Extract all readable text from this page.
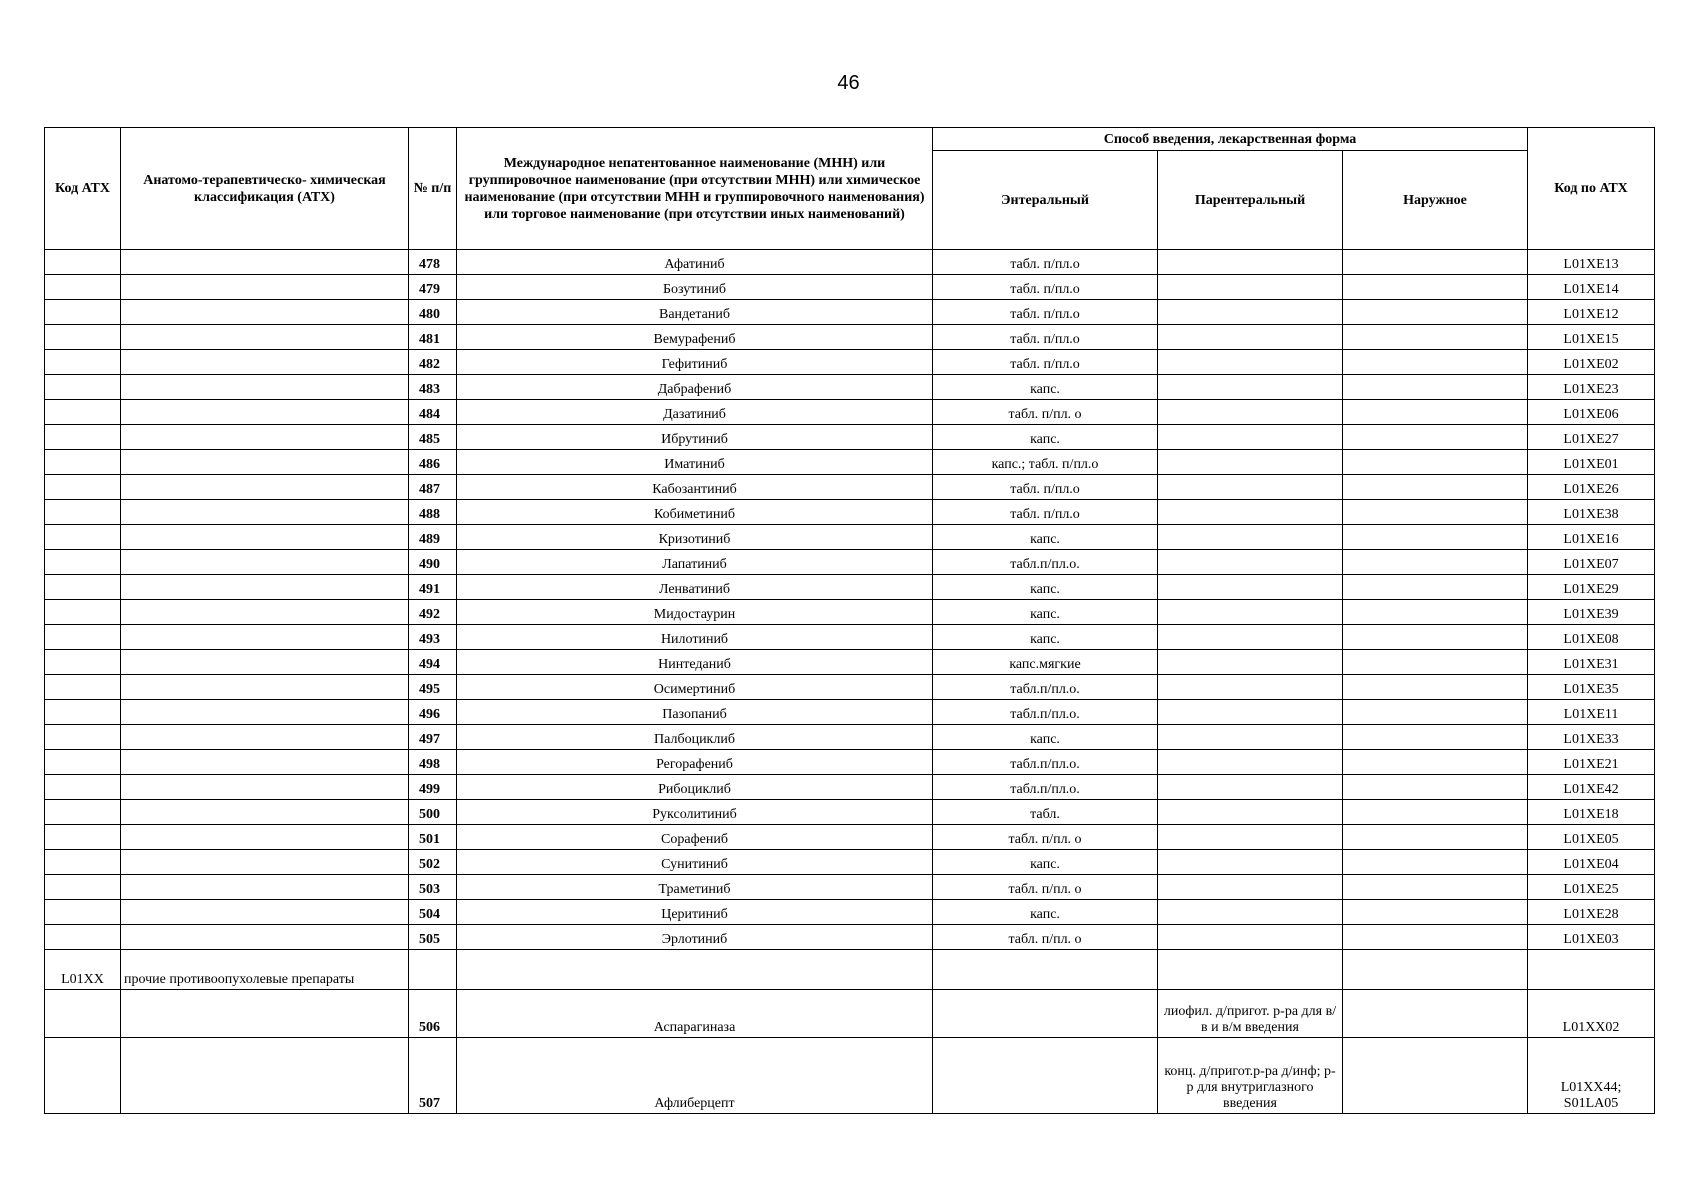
46
Код АТХ	Анатомо-терапевтическо- химическая классификация (АТХ)	№ п/п	Международное непатентованное наименование (МНН) или группировочное наименование (при отсутствии МНН) или химическое наименование (при отсутствии МНН и группировочного наименования) или торговое наименование (при отсутствии иных наименований)	Способ введения, лекарственная форма			Код по АТХ
				Энтеральный	Парентеральный	Наружное	
		478	Афатиниб	табл. п/пл.о			L01XE13
		479	Бозутиниб	табл. п/пл.о			L01XE14
		480	Вандетаниб	табл. п/пл.о			L01XE12
		481	Вемурафениб	табл. п/пл.о			L01XE15
		482	Гефитиниб	табл. п/пл.о			L01XE02
		483	Дабрафениб	капс.			L01XE23
		484	Дазатиниб	табл. п/пл. о			L01XE06
		485	Ибрутиниб	капс.			L01XE27
		486	Иматиниб	капс.; табл. п/пл.о			L01XE01
		487	Кабозантиниб	табл. п/пл.о			L01XE26
		488	Кобиметиниб	табл. п/пл.о			L01XE38
		489	Кризотиниб	капс.			L01XE16
		490	Лапатиниб	табл.п/пл.о.			L01XE07
		491	Ленватиниб	капс.			L01XE29
		492	Мидостаурин	капс.			L01XE39
		493	Нилотиниб	капс.			L01XE08
		494	Нинтеданиб	капс.мягкие			L01XE31
		495	Осимертиниб	табл.п/пл.о.			L01XE35
		496	Пазопаниб	табл.п/пл.о.			L01XE11
		497	Палбоциклиб	капс.			L01XE33
		498	Регорафениб	табл.п/пл.о.			L01XE21
		499	Рибоциклиб	табл.п/пл.о.			L01XE42
		500	Руксолитиниб	табл.			L01XE18
		501	Сорафениб	табл. п/пл. о			L01XE05
		502	Сунитиниб	капс.			L01XE04
		503	Траметиниб	табл. п/пл. о			L01XE25
		504	Церитиниб	капс.			L01XE28
		505	Эрлотиниб	табл. п/пл. о			L01XE03
L01XX	прочие противоопухолевые препараты						
		506	Аспарагиназа		лиофил. д/пригот. р-ра для в/в и в/м введения		L01XX02
		507	Афлиберцепт		конц. д/пригот.р-ра д/инф; р-р для внутриглазного введения		L01XX44;
S01LA05
